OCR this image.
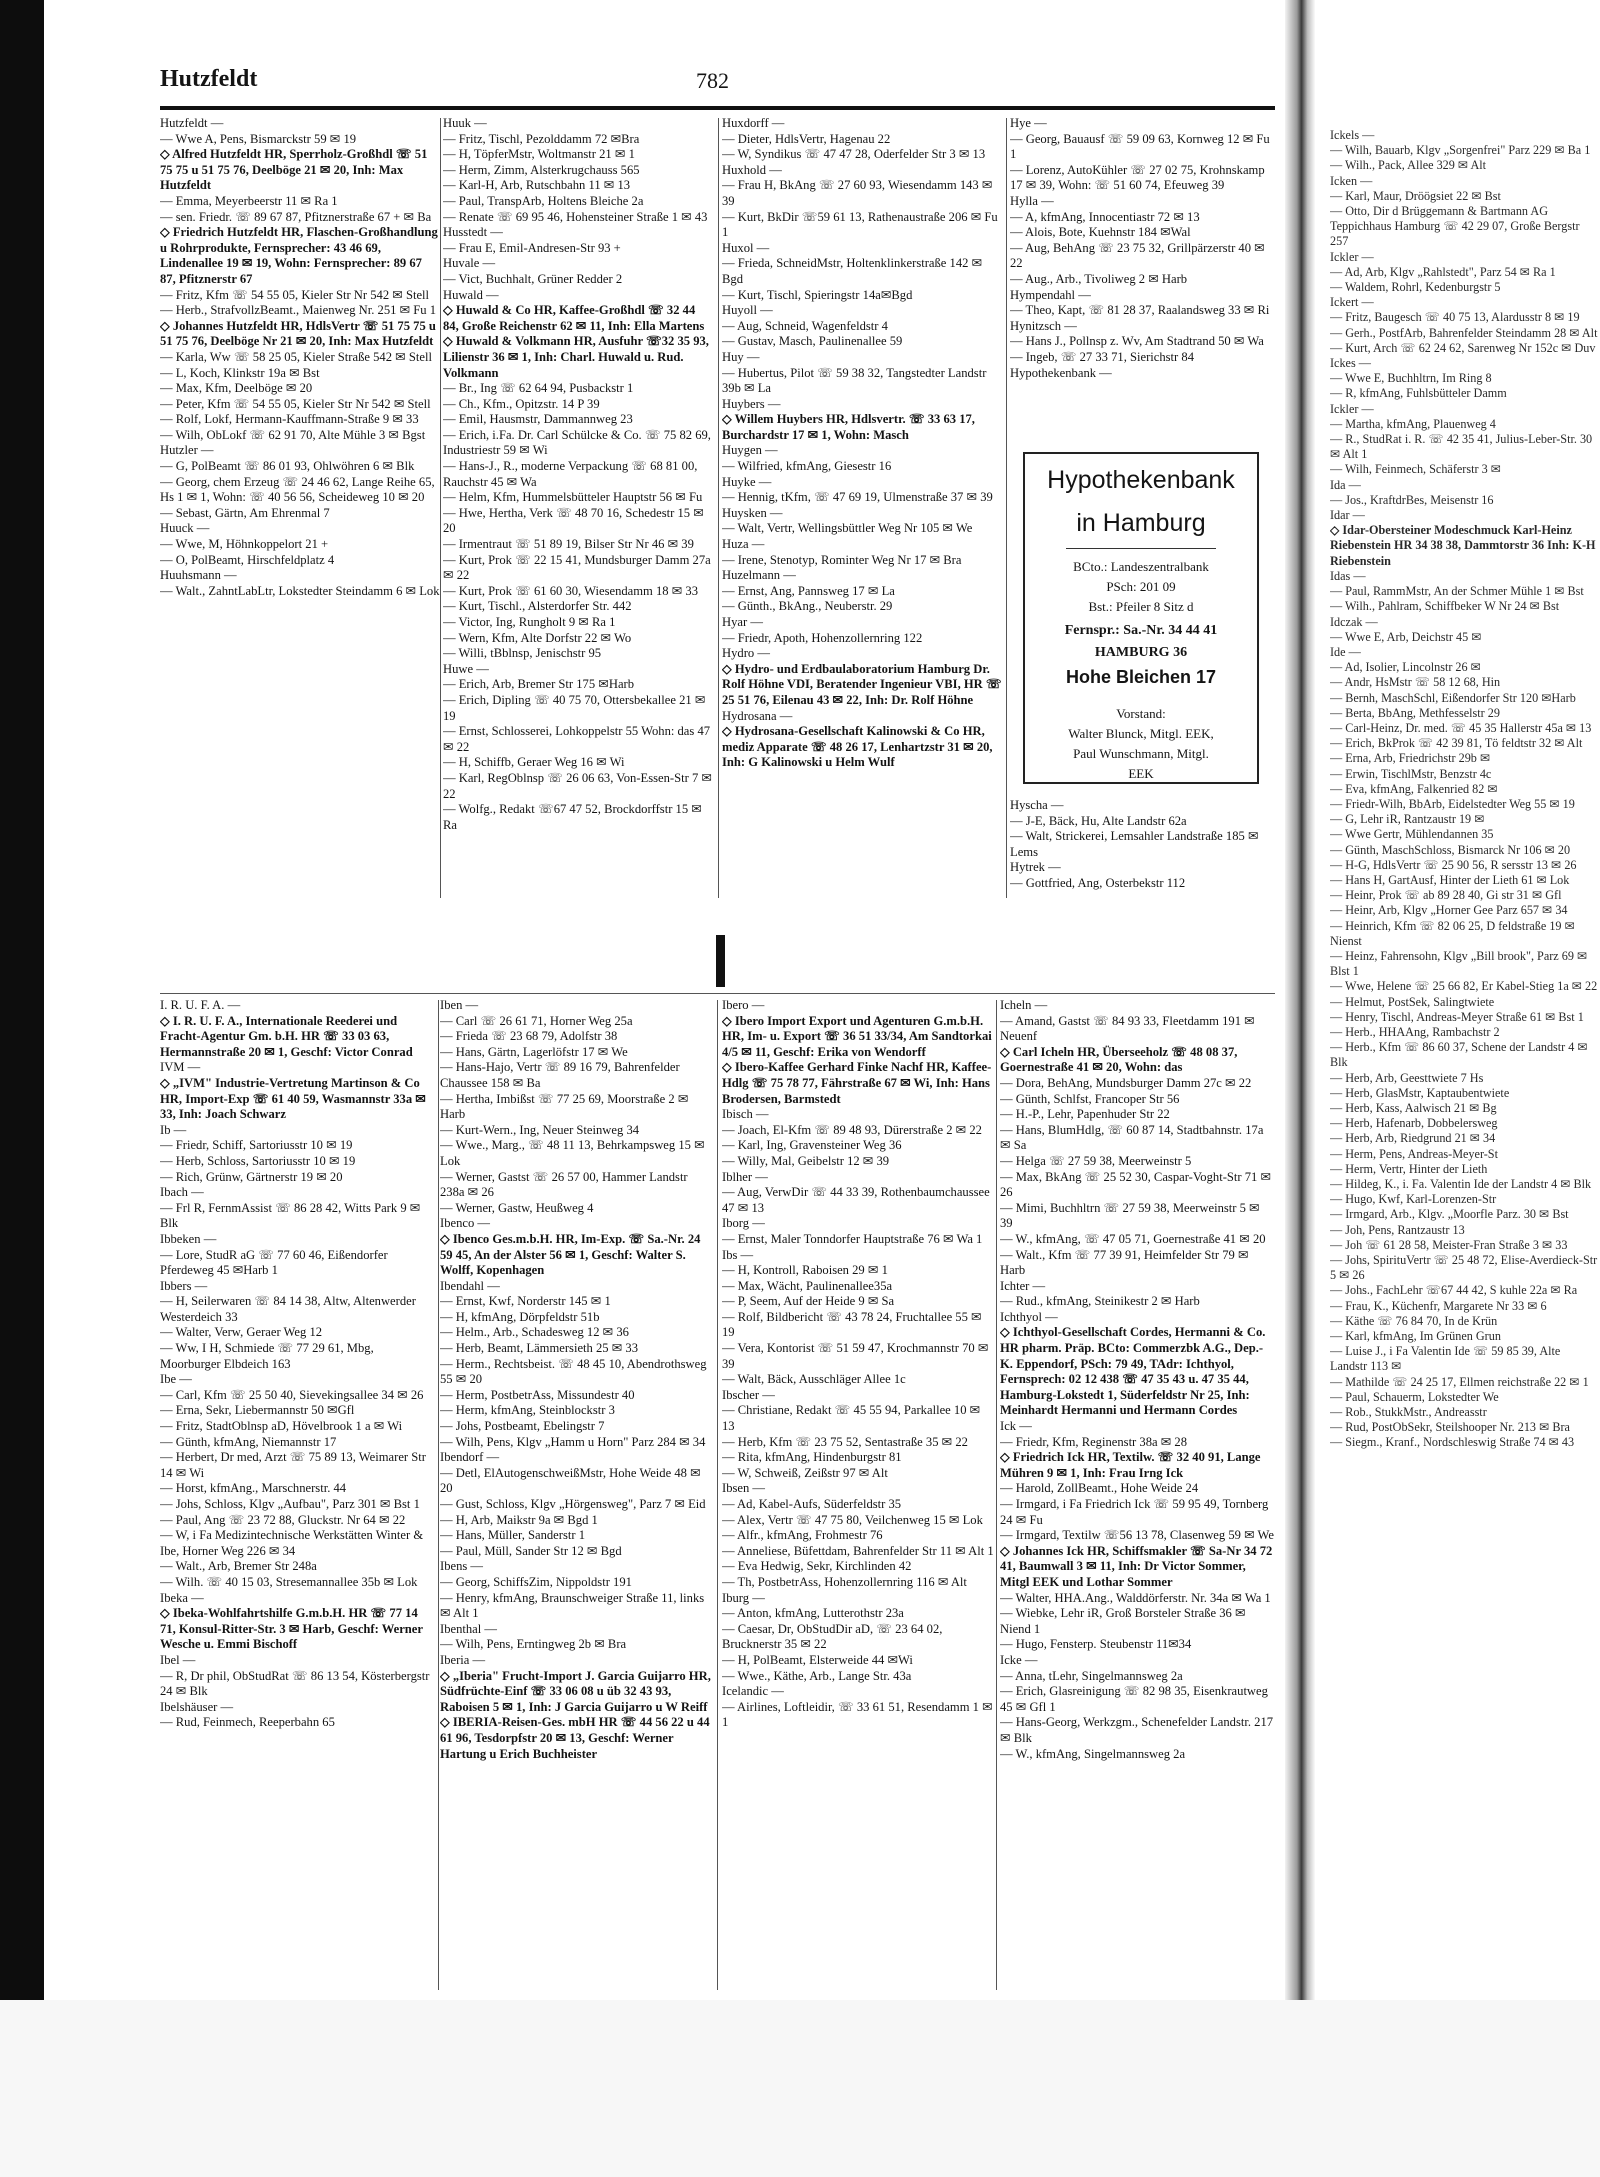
Hutzfeldt	782
Hutzfeldt —
— Wwe A, Pens, Bismarckstr 59 ✉ 19
◇ Alfred Hutzfeldt HR, Sperrholz-Großhdl ☏ 51 75 75 u 51 75 76, Deelböge 21 ✉ 20, Inh: Max Hutzfeldt
— Emma, Meyerbeerstr 11 ✉ Ra 1
— sen. Friedr. ☏ 89 67 87, Pfitznerstraße 67 + ✉ Ba
◇ Friedrich Hutzfeldt HR, Flaschen-Großhandlung u Rohrprodukte, Fernsprecher: 43 46 69, Lindenallee 19 ✉ 19, Wohn: Fernsprecher: 89 67 87, Pfitznerstr 67
— Fritz, Kfm ☏ 54 55 05, Kieler Str Nr 542 ✉ Stell
— Herb., StrafvollzBeamt., Maienweg Nr. 251 ✉ Fu 1
◇ Johannes Hutzfeldt HR, HdlsVertr ☏ 51 75 75 u 51 75 76, Deelböge Nr 21 ✉ 20, Inh: Max Hutzfeldt
— Karla, Ww ☏ 58 25 05, Kieler Straße 542 ✉ Stell
— L, Koch, Klinkstr 19a ✉ Bst
— Max, Kfm, Deelböge ✉ 20
— Peter, Kfm ☏ 54 55 05, Kieler Str Nr 542 ✉ Stell
— Rolf, Lokf, Hermann-Kauffmann-Straße 9 ✉ 33
— Wilh, ObLokf ☏ 62 91 70, Alte Mühle 3 ✉ Bgst
Hutzler —
— G, PolBeamt ☏ 86 01 93, Ohlwöhren 6 ✉ Blk
— Georg, chem Erzeug ☏ 24 46 62, Lange Reihe 65, Hs 1 ✉ 1, Wohn: ☏ 40 56 56, Scheideweg 10 ✉ 20
— Sebast, Gärtn, Am Ehrenmal 7
Huuck —
— Wwe, M, Höhnkoppelort 21 +
— O, PolBeamt, Hirschfeldplatz 4
Huuhsmann —
— Walt., ZahntLabLtr, Lokstedter Steindamm 6 ✉ Lok
Huuk —
— Fritz, Tischl, Pezolddamm 72 ✉Bra
— H, TöpferMstr, Woltmanstr 21 ✉ 1
— Herm, Zimm, Alsterkrugchauss 565
— Karl-H, Arb, Rutschbahn 11 ✉ 13
— Paul, TranspArb, Holtens Bleiche 2a
— Renate ☏ 69 95 46, Hohensteiner Straße 1 ✉ 43
Husstedt —
— Frau E, Emil-Andresen-Str 93 +
Huvale —
— Vict, Buchhalt, Grüner Redder 2
Huwald —
◇ Huwald & Co HR, Kaffee-Großhdl ☏ 32 44 84, Große Reichenstr 62 ✉ 11, Inh: Ella Martens
◇ Huwald & Volkmann HR, Ausfuhr ☏32 35 93, Lilienstr 36 ✉ 1, Inh: Charl. Huwald u. Rud. Volkmann
— Br., Ing ☏ 62 64 94, Pusbackstr 1
— Ch., Kfm., Opitzstr. 14 P 39
— Emil, Hausmstr, Dammannweg 23
— Erich, i.Fa. Dr. Carl Schülcke & Co. ☏ 75 82 69, Industriestr 59 ✉ Wi
— Hans-J., R., moderne Verpackung ☏ 68 81 00, Rauchstr 45 ✉ Wa
— Helm, Kfm, Hummelsbütteler Hauptstr 56 ✉ Fu
— Hwe, Hertha, Verk ☏ 48 70 16, Schedestr 15 ✉ 20
— Irmentraut ☏ 51 89 19, Bilser Str Nr 46 ✉ 39
— Kurt, Prok ☏ 22 15 41, Mundsburger Damm 27a ✉ 22
— Kurt, Prok ☏ 61 60 30, Wiesendamm 18 ✉ 33
— Kurt, Tischl., Alsterdorfer Str. 442
— Victor, Ing, Rungholt 9 ✉ Ra 1
— Wern, Kfm, Alte Dorfstr 22 ✉ Wo
— Willi, tBblnsp, Jenischstr 95
Huwe —
— Erich, Arb, Bremer Str 175 ✉Harb
— Erich, Dipling ☏ 40 75 70, Ottersbekallee 21 ✉ 19
— Ernst, Schlosserei, Lohkoppelstr 55 Wohn: das 47 ✉ 22
— H, Schiffb, Geraer Weg 16 ✉ Wi
— Karl, RegOblnsp ☏ 26 06 63, Von-Essen-Str 7 ✉ 22
— Wolfg., Redakt ☏67 47 52, Brockdorffstr 15 ✉ Ra
Huxdorff —
— Dieter, HdlsVertr, Hagenau 22
— W, Syndikus ☏ 47 47 28, Oderfelder Str 3 ✉ 13
Huxhold —
— Frau H, BkAng ☏ 27 60 93, Wiesendamm 143 ✉ 39
— Kurt, BkDir ☏59 61 13, Rathenaustraße 206 ✉ Fu 1
Huxol —
— Frieda, SchneidMstr, Holtenklinkerstraße 142 ✉ Bgd
— Kurt, Tischl, Spieringstr 14a✉Bgd
Huyoll —
— Aug, Schneid, Wagenfeldstr 4
— Gustav, Masch, Paulinenallee 59
Huy —
— Hubertus, Pilot ☏ 59 38 32, Tangstedter Landstr 39b ✉ La
Huybers —
◇ Willem Huybers HR, Hdlsvertr. ☏ 33 63 17, Burchardstr 17 ✉ 1, Wohn: Masch
Huygen —
— Wilfried, kfmAng, Giesestr 16
Huyke —
— Hennig, tKfm, ☏ 47 69 19, Ulmenstraße 37 ✉ 39
Huysken —
— Walt, Vertr, Wellingsbüttler Weg Nr 105 ✉ We
Huza —
— Irene, Stenotyp, Rominter Weg Nr 17 ✉ Bra
Huzelmann —
— Ernst, Ang, Pannsweg 17 ✉ La
— Günth., BkAng., Neuberstr. 29
Hyar —
— Friedr, Apoth, Hohenzollernring 122
Hydro —
◇ Hydro- und Erdbaulaboratorium Hamburg Dr. Rolf Höhne VDI, Beratender Ingenieur VBI, HR ☏ 25 51 76, Eilenau 43 ✉ 22, Inh: Dr. Rolf Höhne
Hydrosana —
◇ Hydrosana-Gesellschaft Kalinowski & Co HR, mediz Apparate ☏ 48 26 17, Lenhartzstr 31 ✉ 20, Inh: G Kalinowski u Helm Wulf
Hye —
— Georg, Bauausf ☏ 59 09 63, Kornweg 12 ✉ Fu 1
— Lorenz, AutoKühler ☏ 27 02 75, Krohnskamp 17 ✉ 39, Wohn: ☏ 51 60 74, Efeuweg 39
Hylla —
— A, kfmAng, Innocentiastr 72 ✉ 13
— Alois, Bote, Kuehnstr 184 ✉Wal
— Aug, BehAng ☏ 23 75 32, Grillpärzerstr 40 ✉ 22
— Aug., Arb., Tivoliweg 2 ✉ Harb
Hympendahl —
— Theo, Kapt, ☏ 81 28 37, Raalandsweg 33 ✉ Ri
Hynitzsch —
— Hans J., Pollnsp z. Wv, Am Stadtrand 50 ✉ Wa
— Ingeb, ☏ 27 33 71, Sierichstr 84
Hypothekenbank —
Hypothekenbank
in Hamburg
BCto.: Landeszentralbank
PSch: 201 09
Bst.: Pfeiler 8 Sitz d
Fernspr.: Sa.-Nr. 34 44 41
HAMBURG 36
Hohe Bleichen 17
Vorstand:
Walter Blunck, Mitgl. EEK,
Paul Wunschmann, Mitgl.
EEK
Hyscha —
— J-E, Bäck, Hu, Alte Landstr 62a
— Walt, Strickerei, Lemsahler Landstraße 185 ✉ Lems
Hytrek —
— Gottfried, Ang, Osterbekstr 112
I. R. U. F. A. —
◇ I. R. U. F. A., Internationale Reederei und Fracht-Agentur Gm. b.H. HR ☏ 33 03 63, Hermannstraße 20 ✉ 1, Geschf: Victor Conrad
IVM —
◇ „IVM" Industrie-Vertretung Martinson & Co HR, Import-Exp ☏ 61 40 59, Wasmannstr 33a ✉ 33, Inh: Joach Schwarz
Ib —
— Friedr, Schiff, Sartoriusstr 10 ✉ 19
— Herb, Schloss, Sartoriusstr 10 ✉ 19
— Rich, Grünw, Gärtnerstr 19 ✉ 20
Ibach —
— Frl R, FernmAssist ☏ 86 28 42, Witts Park 9 ✉ Blk
Ibbeken —
— Lore, StudR aG ☏ 77 60 46, Eißendorfer Pferdeweg 45 ✉Harb 1
Ibbers —
— H, Seilerwaren ☏ 84 14 38, Altw, Altenwerder Westerdeich 33
— Walter, Verw, Geraer Weg 12
— Ww, I H, Schmiede ☏ 77 29 61, Mbg, Moorburger Elbdeich 163
Ibe —
— Carl, Kfm ☏ 25 50 40, Sievekingsallee 34 ✉ 26
— Erna, Sekr, Liebermannstr 50 ✉Gfl
— Fritz, StadtOblnsp aD, Hövelbrook 1 a ✉ Wi
— Günth, kfmAng, Niemannstr 17
— Herbert, Dr med, Arzt ☏ 75 89 13, Weimarer Str 14 ✉ Wi
— Horst, kfmAng., Marschnerstr. 44
— Johs, Schloss, Klgv „Aufbau", Parz 301 ✉ Bst 1
— Paul, Ang ☏ 23 72 88, Gluckstr. Nr 64 ✉ 22
— W, i Fa Medizintechnische Werkstätten Winter & Ibe, Horner Weg 226 ✉ 34
— Walt., Arb, Bremer Str 248a
— Wilh. ☏ 40 15 03, Stresemannallee 35b ✉ Lok
Ibeka —
◇ Ibeka-Wohlfahrtshilfe G.m.b.H. HR ☏ 77 14 71, Konsul-Ritter-Str. 3 ✉ Harb, Geschf: Werner Wesche u. Emmi Bischoff
Ibel —
— R, Dr phil, ObStudRat ☏ 86 13 54, Kösterbergstr 24 ✉ Blk
Ibelshäuser —
— Rud, Feinmech, Reeperbahn 65
Iben —
— Carl ☏ 26 61 71, Horner Weg 25a
— Frieda ☏ 23 68 79, Adolfstr 38
— Hans, Gärtn, Lagerlöfstr 17 ✉ We
— Hans-Hajo, Vertr ☏ 89 16 79, Bahrenfelder Chaussee 158 ✉ Ba
— Hertha, Imbißst ☏ 77 25 69, Moorstraße 2 ✉ Harb
— Kurt-Wern., Ing, Neuer Steinweg 34
— Wwe., Marg., ☏ 48 11 13, Behrkampsweg 15 ✉ Lok
— Werner, Gastst ☏ 26 57 00, Hammer Landstr 238a ✉ 26
— Werner, Gastw, Heußweg 4
Ibenco —
◇ Ibenco Ges.m.b.H. HR, Im-Exp. ☏ Sa.-Nr. 24 59 45, An der Alster 56 ✉ 1, Geschf: Walter S. Wolff, Kopenhagen
Ibendahl —
— Ernst, Kwf, Norderstr 145 ✉ 1
— H, kfmAng, Dörpfeldstr 51b
— Helm., Arb., Schadesweg 12 ✉ 36
— Herb, Beamt, Lämmersieth 25 ✉ 33
— Herm., Rechtsbeist. ☏ 48 45 10, Abendrothsweg 55 ✉ 20
— Herm, PostbetrAss, Missundestr 40
— Herm, kfmAng, Steinblockstr 3
— Johs, Postbeamt, Ebelingstr 7
— Wilh, Pens, Klgv „Hamm u Horn" Parz 284 ✉ 34
Ibendorf —
— Detl, ElAutogenschweißMstr, Hohe Weide 48 ✉ 20
— Gust, Schloss, Klgv „Hörgensweg", Parz 7 ✉ Eid
— H, Arb, Maikstr 9a ✉ Bgd 1
— Hans, Müller, Sanderstr 1
— Paul, Müll, Sander Str 12 ✉ Bgd
Ibens —
— Georg, SchiffsZim, Nippoldstr 191
— Henry, kfmAng, Braunschweiger Straße 11, links ✉ Alt 1
Ibenthal —
— Wilh, Pens, Erntingweg 2b ✉ Bra
Iberia —
◇ „Iberia" Frucht-Import J. Garcia Guijarro HR, Südfrüchte-Einf ☏ 33 06 08 u üb 32 43 93, Raboisen 5 ✉ 1, Inh: J Garcia Guijarro u W Reiff
◇ IBERIA-Reisen-Ges. mbH HR ☏ 44 56 22 u 44 61 96, Tesdorpfstr 20 ✉ 13, Geschf: Werner Hartung u Erich Buchheister
Ibero —
◇ Ibero Import Export und Agenturen G.m.b.H. HR, Im- u. Export ☏ 36 51 33/34, Am Sandtorkai 4/5 ✉ 11, Geschf: Erika von Wendorff
◇ Ibero-Kaffee Gerhard Finke Nachf HR, Kaffee-Hdlg ☏ 75 78 77, Fährstraße 67 ✉ Wi, Inh: Hans Brodersen, Barmstedt
Ibisch —
— Joach, El-Kfm ☏ 89 48 93, Dürerstraße 2 ✉ 22
— Karl, Ing, Gravensteiner Weg 36
— Willy, Mal, Geibelstr 12 ✉ 39
Iblher —
— Aug, VerwDir ☏ 44 33 39, Rothenbaumchaussee 47 ✉ 13
Iborg —
— Ernst, Maler Tonndorfer Hauptstraße 76 ✉ Wa 1
Ibs —
— H, Kontroll, Raboisen 29 ✉ 1
— Max, Wächt, Paulinenallee35a
— P, Seem, Auf der Heide 9 ✉ Sa
— Rolf, Bildbericht ☏ 43 78 24, Fruchtallee 55 ✉ 19
— Vera, Kontorist ☏ 51 59 47, Krochmannstr 70 ✉ 39
— Walt, Bäck, Ausschläger Allee 1c
Ibscher —
— Christiane, Redakt ☏ 45 55 94, Parkallee 10 ✉ 13
— Herb, Kfm ☏ 23 75 52, Sentastraße 35 ✉ 22
— Rita, kfmAng, Hindenburgstr 81
— W, Schweiß, Zeißstr 97 ✉ Alt
Ibsen —
— Ad, Kabel-Aufs, Süderfeldstr 35
— Alex, Vertr ☏ 47 75 80, Veilchenweg 15 ✉ Lok
— Alfr., kfmAng, Frohmestr 76
— Anneliese, Büfettdam, Bahrenfelder Str 11 ✉ Alt 1
— Eva Hedwig, Sekr, Kirchlinden 42
— Th, PostbetrAss, Hohenzollernring 116 ✉ Alt
Iburg —
— Anton, kfmAng, Lutterothstr 23a
— Caesar, Dr, ObStudDir aD, ☏ 23 64 02, Brucknerstr 35 ✉ 22
— H, PolBeamt, Elsterweide 44 ✉Wi
— Wwe., Käthe, Arb., Lange Str. 43a
Icelandic —
— Airlines, Loftleidir, ☏ 33 61 51, Resendamm 1 ✉ 1
Icheln —
— Amand, Gastst ☏ 84 93 33, Fleetdamm 191 ✉ Neuenf
◇ Carl Icheln HR, Überseeholz ☏ 48 08 37, Goernestraße 41 ✉ 20, Wohn: das
— Dora, BehAng, Mundsburger Damm 27c ✉ 22
— Günth, Schlfst, Francoper Str 56
— H.-P., Lehr, Papenhuder Str 22
— Hans, BlumHdlg, ☏ 60 87 14, Stadtbahnstr. 17a ✉ Sa
— Helga ☏ 27 59 38, Meerweinstr 5
— Max, BkAng ☏ 25 52 30, Caspar-Voght-Str 71 ✉ 26
— Mimi, Buchhltrn ☏ 27 59 38, Meerweinstr 5 ✉ 39
— W., kfmAng, ☏ 47 05 71, Goernestraße 41 ✉ 20
— Walt., Kfm ☏ 77 39 91, Heimfelder Str 79 ✉ Harb
Ichter —
— Rud., kfmAng, Steinikestr 2 ✉ Harb
Ichthyol —
◇ Ichthyol-Gesellschaft Cordes, Hermanni & Co. HR pharm. Präp. BCto: Commerzbk A.G., Dep.-K. Eppendorf, PSch: 79 49, TAdr: Ichthyol, Fernsprech: 02 12 438 ☏ 47 35 43 u. 47 35 44, Hamburg-Lokstedt 1, Süderfeldstr Nr 25, Inh: Meinhardt Hermanni und Hermann Cordes
Ick —
— Friedr, Kfm, Reginenstr 38a ✉ 28
◇ Friedrich Ick HR, Textilw. ☏ 32 40 91, Lange Mühren 9 ✉ 1, Inh: Frau Irng Ick
— Harold, ZollBeamt., Hohe Weide 24
— Irmgard, i Fa Friedrich Ick ☏ 59 95 49, Tornberg 24 ✉ Fu
— Irmgard, Textilw ☏56 13 78, Clasenweg 59 ✉ We
◇ Johannes Ick HR, Schiffsmakler ☏ Sa-Nr 34 72 41, Baumwall 3 ✉ 11, Inh: Dr Victor Sommer, Mitgl EEK und Lothar Sommer
— Walter, HHA.Ang., Walddörferstr. Nr. 34a ✉ Wa 1
— Wiebke, Lehr iR, Groß Borsteler Straße 36 ✉ Niend 1
— Hugo, Fensterp. Steubenstr 11✉34
Icke —
— Anna, tLehr, Singelmannsweg 2a
— Erich, Glasreinigung ☏ 82 98 35, Eisenkrautweg 45 ✉ Gfl 1
— Hans-Georg, Werkzgm., Schenefelder Landstr. 217 ✉ Blk
— W., kfmAng, Singelmannsweg 2a
Ickels —
— Wilh, Bauarb, Klgv „Sorgenfrei" Parz 229 ✉ Ba 1
— Wilh., Pack, Allee 329 ✉ Alt
Icken —
— Karl, Maur, Dröögsiet 22 ✉ Bst
— Otto, Dir d Brüggemann & Bartmann AG Teppichhaus Hamburg ☏ 42 29 07, Große Bergstr 257
Ickler —
— Ad, Arb, Klgv „Rahlstedt", Parz 54 ✉ Ra 1
— Waldem, Rohrl, Kedenburgstr 5
Ickert —
— Fritz, Baugesch ☏ 40 75 13, Alardusstr 8 ✉ 19
— Gerh., PostfArb, Bahrenfelder Steindamm 28 ✉ Alt
— Kurt, Arch ☏ 62 24 62, Sarenweg Nr 152c ✉ Duv
Ickes —
— Wwe E, Buchhltrn, Im Ring 8
— R, kfmAng, Fuhlsbütteler Damm
Ickler —
— Martha, kfmAng, Plauenweg 4
— R., StudRat i. R. ☏ 42 35 41, Julius-Leber-Str. 30 ✉ Alt 1
— Wilh, Feinmech, Schäferstr 3 ✉
Ida —
— Jos., KraftdrBes, Meisenstr 16
Idar —
◇ Idar-Obersteiner Modeschmuck Karl-Heinz Riebenstein HR 34 38 38, Dammtorstr 36 Inh: K-H Riebenstein
Idas —
— Paul, RammMstr, An der Schmer Mühle 1 ✉ Bst
— Wilh., Pahlram, Schiffbeker W Nr 24 ✉ Bst
Idczak —
— Wwe E, Arb, Deichstr 45 ✉
Ide —
— Ad, Isolier, Lincolnstr 26 ✉
— Andr, HsMstr ☏ 58 12 68, Hin
— Bernh, MaschSchl, Eißendorfer Str 120 ✉Harb
— Berta, BbAng, Methfesselstr 29
— Carl-Heinz, Dr. med. ☏ 45 35 Hallerstr 45a ✉ 13
— Erich, BkProk ☏ 42 39 81, Tö feldtstr 32 ✉ Alt
— Erna, Arb, Friedrichstr 29b ✉
— Erwin, TischlMstr, Benzstr 4c
— Eva, kfmAng, Falkenried 82 ✉
— Friedr-Wilh, BbArb, Eidelstedter Weg 55 ✉ 19
— G, Lehr iR, Rantzaustr 19 ✉
— Wwe Gertr, Mühlendannen 35
— Günth, MaschSchloss, Bismarck Nr 106 ✉ 20
— H-G, HdlsVertr ☏ 25 90 56, R sersstr 13 ✉ 26
— Hans H, GartAusf, Hinter der Lieth 61 ✉ Lok
— Heinr, Prok ☏ ab 89 28 40, Gi str 31 ✉ Gfl
— Heinr, Arb, Klgv „Horner Gee Parz 657 ✉ 34
— Heinrich, Kfm ☏ 82 06 25, D feldstraße 19 ✉ Nienst
— Heinz, Fahrensohn, Klgv „Bill brook", Parz 69 ✉ Blst 1
— Wwe, Helene ☏ 25 66 82, Er Kabel-Stieg 1a ✉ 22
— Helmut, PostSek, Salingtwiete
— Henry, Tischl, Andreas-Meyer Straße 61 ✉ Bst 1
— Herb., HHAAng, Rambachstr 2
— Herb., Kfm ☏ 86 60 37, Schene der Landstr 4 ✉ Blk
— Herb, Arb, Geesttwiete 7 Hs
— Herb, GlasMstr, Kaptaubentwiete
— Herb, Kass, Aalwisch 21 ✉ Bg
— Herb, Hafenarb, Dobbelersweg
— Herb, Arb, Riedgrund 21 ✉ 34
— Herm, Pens, Andreas-Meyer-St
— Herm, Vertr, Hinter der Lieth
— Hildeg, K., i. Fa. Valentin Ide der Landstr 4 ✉ Blk
— Hugo, Kwf, Karl-Lorenzen-Str
— Irmgard, Arb., Klgv. „Moorfle Parz. 30 ✉ Bst
— Joh, Pens, Rantzaustr 13
— Joh ☏ 61 28 58, Meister-Fran Straße 3 ✉ 33
— Johs, SpirituVertr ☏ 25 48 72, Elise-Averdieck-Str 5 ✉ 26
— Johs., FachLehr ☏67 44 42, S kuhle 22a ✉ Ra
— Frau, K., Küchenfr, Margarete Nr 33 ✉ 6
— Käthe ☏ 76 84 70, In de Krün
— Karl, kfmAng, Im Grünen Grun
— Luise J., i Fa Valentin Ide ☏ 59 85 39, Alte Landstr 113 ✉
— Mathilde ☏ 24 25 17, Ellmen reichstraße 22 ✉ 1
— Paul, Schauerm, Lokstedter We
— Rob., StukkMstr., Andreasstr
— Rud, PostObSekr, Steilshooper Nr. 213 ✉ Bra
— Siegm., Kranf., Nordschleswig Straße 74 ✉ 43
